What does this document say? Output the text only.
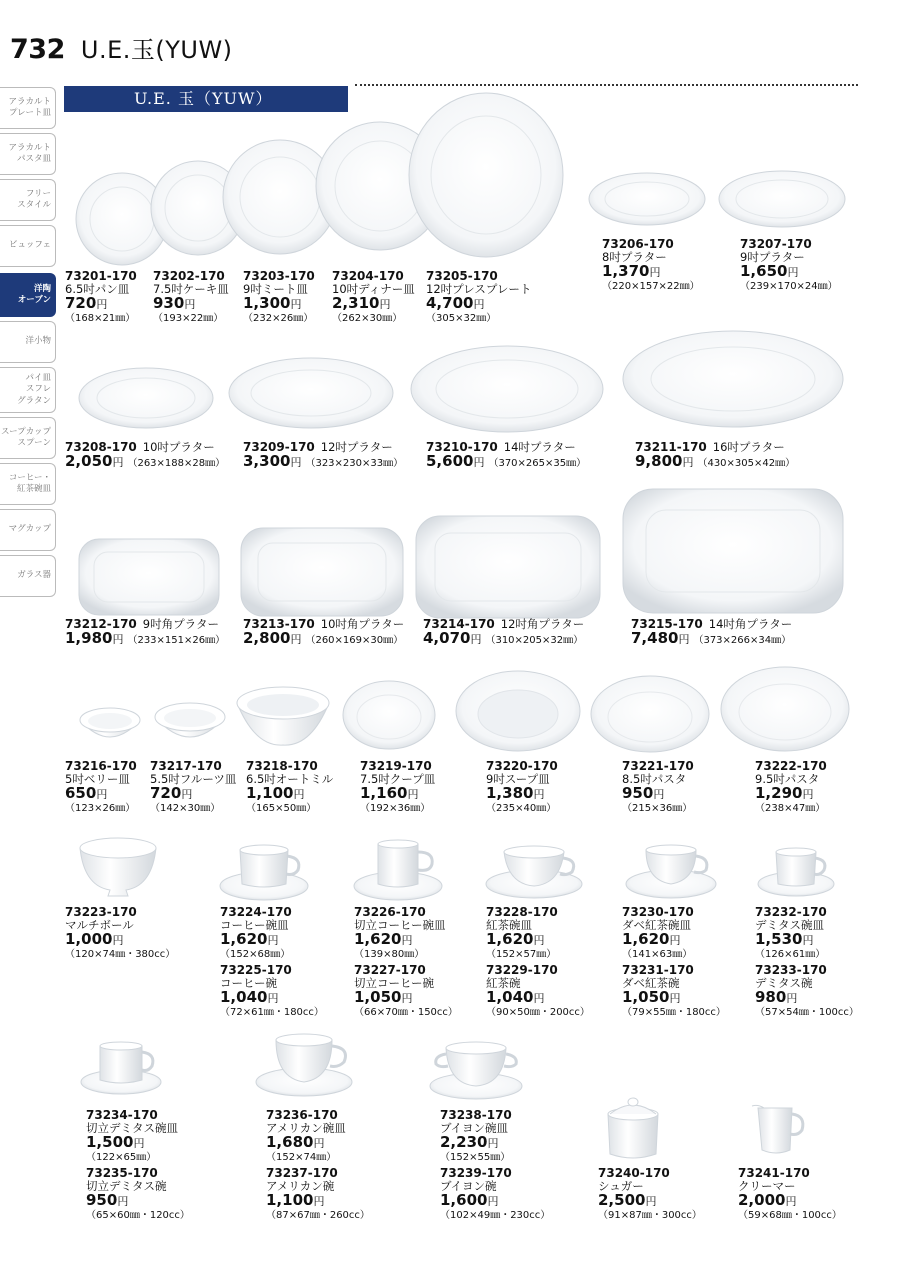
732 U.E.玉(YUW)
U.E. 玉（YUW）
アラカルト
プレート皿
アラカルト
パスタ皿
フリー
スタイル
ビュッフェ
洋陶
オーブン
洋小物
パイ皿
スフレ
グラタン
スープカップ
スプーン
コーヒー・
紅茶碗皿
マグカップ
ガラス器
73201-170
6.5吋パン皿
720円
（168×21㎜）
73202-170
7.5吋ケーキ皿
930円
（193×22㎜）
73203-170
9吋ミート皿
1,300円
（232×26㎜）
73204-170
10吋ディナー皿
2,310円
（262×30㎜）
73205-170
12吋プレスプレート
4,700円
（305×32㎜）
73206-170
8吋プラター
1,370円
（220×157×22㎜）
73207-170
9吋プラター
1,650円
（239×170×24㎜）
73208-170 10吋プラター
2,050円 （263×188×28㎜）
73209-170 12吋プラター
3,300円 （323×230×33㎜）
73210-170 14吋プラター
5,600円 （370×265×35㎜）
73211-170 16吋プラター
9,800円 （430×305×42㎜）
73212-170 9吋角プラター
1,980円 （233×151×26㎜）
73213-170 10吋角プラター
2,800円 （260×169×30㎜）
73214-170 12吋角プラター
4,070円 （310×205×32㎜）
73215-170 14吋角プラター
7,480円 （373×266×34㎜）
73216-170
5吋ベリー皿
650円
（123×26㎜）
73217-170
5.5吋フルーツ皿
720円
（142×30㎜）
73218-170
6.5吋オートミル
1,100円
（165×50㎜）
73219-170
7.5吋クープ皿
1,160円
（192×36㎜）
73220-170
9吋スープ皿
1,380円
（235×40㎜）
73221-170
8.5吋パスタ
950円
（215×36㎜）
73222-170
9.5吋パスタ
1,290円
（238×47㎜）
73223-170
マルチボール
1,000円
（120×74㎜・380cc）
73224-170
コーヒー碗皿
1,620円
（152×68㎜）
73225-170
コーヒー碗
1,040円
（72×61㎜・180cc）
73226-170
切立コーヒー碗皿
1,620円
（139×80㎜）
73227-170
切立コーヒー碗
1,050円
（66×70㎜・150cc）
73228-170
紅茶碗皿
1,620円
（152×57㎜）
73229-170
紅茶碗
1,040円
（90×50㎜・200cc）
73230-170
ダベ紅茶碗皿
1,620円
（141×63㎜）
73231-170
ダベ紅茶碗
1,050円
（79×55㎜・180cc）
73232-170
デミタス碗皿
1,530円
（126×61㎜）
73233-170
デミタス碗
980円
（57×54㎜・100cc）
73234-170
切立デミタス碗皿
1,500円
（122×65㎜）
73235-170
切立デミタス碗
950円
（65×60㎜・120cc）
73236-170
アメリカン碗皿
1,680円
（152×74㎜）
73237-170
アメリカン碗
1,100円
（87×67㎜・260cc）
73238-170
ブイヨン碗皿
2,230円
（152×55㎜）
73239-170
ブイヨン碗
1,600円
（102×49㎜・230cc）
73240-170
シュガー
2,500円
（91×87㎜・300cc）
73241-170
クリーマー
2,000円
（59×68㎜・100cc）
